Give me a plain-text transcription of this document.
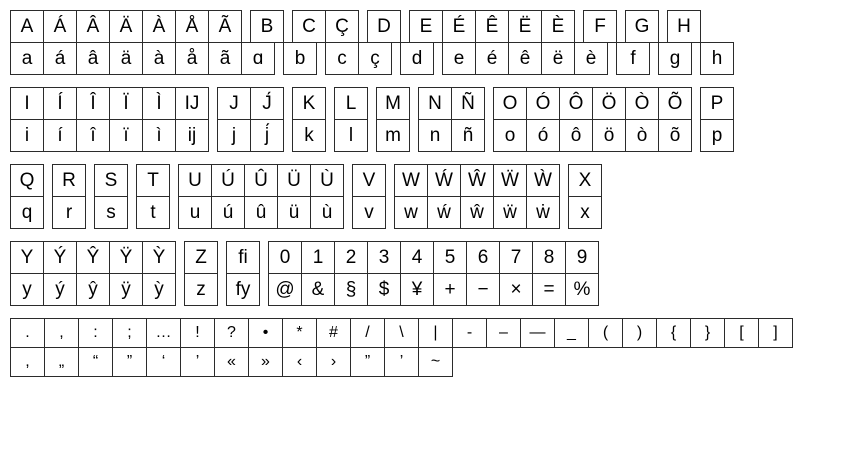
A	Á	Â	Ä	À	Å	Ã	B	C	Ç	D	E	É	Ê	Ë	È	F	G	H
a	á	â	ä	à	å	ã	ɑ	b	c	ç	d	e	é	ê	ë	è	f	g	h
I	Í	Î	Ï	Ì	IJ	J	J́	K	L	M	N	Ñ	O Ó Ô Ö Ò Õ	P
i	í	î	ï	ì	ij	j	j́	k	l	m	n	ñ	o	ó	ô	ö	ò	õ	p
Q	R	S	T	U	Ú	Û	Ü	Ù	V	W Ẃ Ŵ Ẅ Ẁ	X
q	r	s	t	u	ú	û	ü	ù	v	w	ẃ	ŵ	ẅ	ẇ	x
Y	Ý	Ŷ	Ÿ	Ỳ	Z	ﬁ	0	1	2	3	4	5	6	7	8	9
y	ý	ŷ	ÿ	ỳ	z	fy	@ &	§	$	¥	+	−	×	=	%
.	,	:	;	…	!	?	•	*	#	/	\	|	-	–	—	_	(	)	{	}	[	]
,	„	“	”	‘	’	«	»	‹	›	”	’	~
